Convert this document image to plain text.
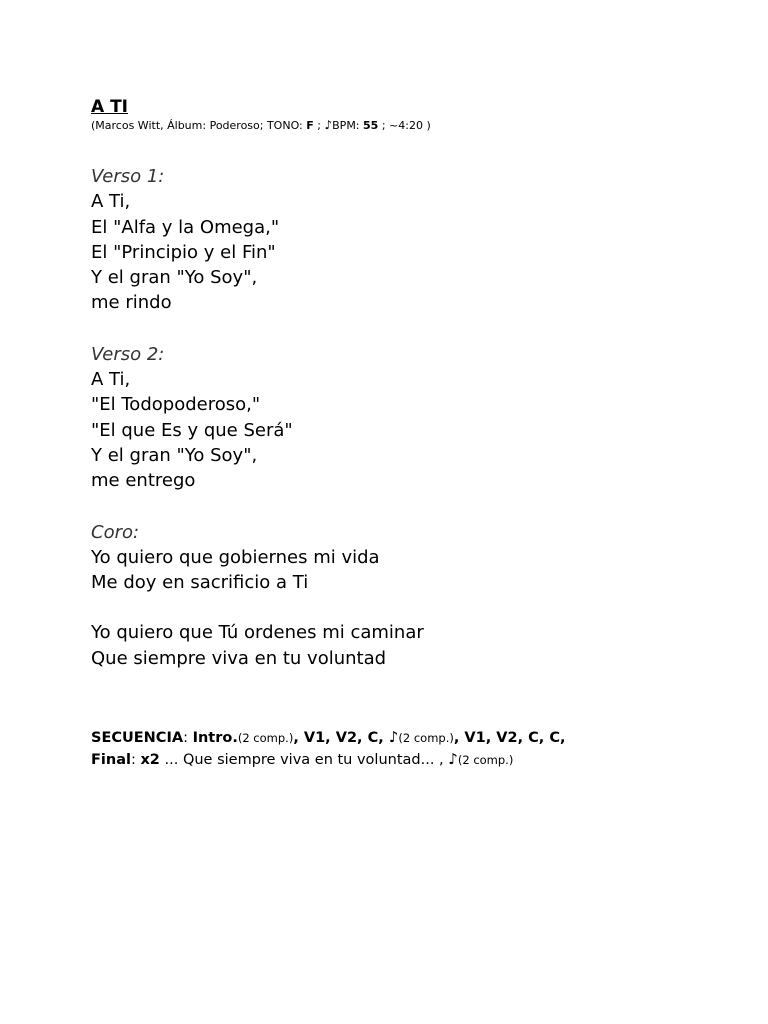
A TI

(Marcos Witt, Álbum: Poderoso; TONO: F ; ♪BPM: 55 ; ~4:20 )

Verso 1:

A Ti,

El "Alfa y la Omega,"

El "Principio y el Fin"

Y el gran "Yo Soy",

me rindo

Verso 2:

A Ti,

"El Todopoderoso,"

"El que Es y que Será"

Y el gran "Yo Soy",

me entrego

Coro:

Yo quiero que gobiernes mi vida

Me doy en sacrificio a Ti

Yo quiero que Tú ordenes mi caminar

Que siempre viva en tu voluntad

SECUENCIA: Intro.(2 comp.), V1, V2, C, ♪(2 comp.), V1, V2, C, C,
Final: x2 ... Que siempre viva en tu voluntad... , ♪(2 comp.)
